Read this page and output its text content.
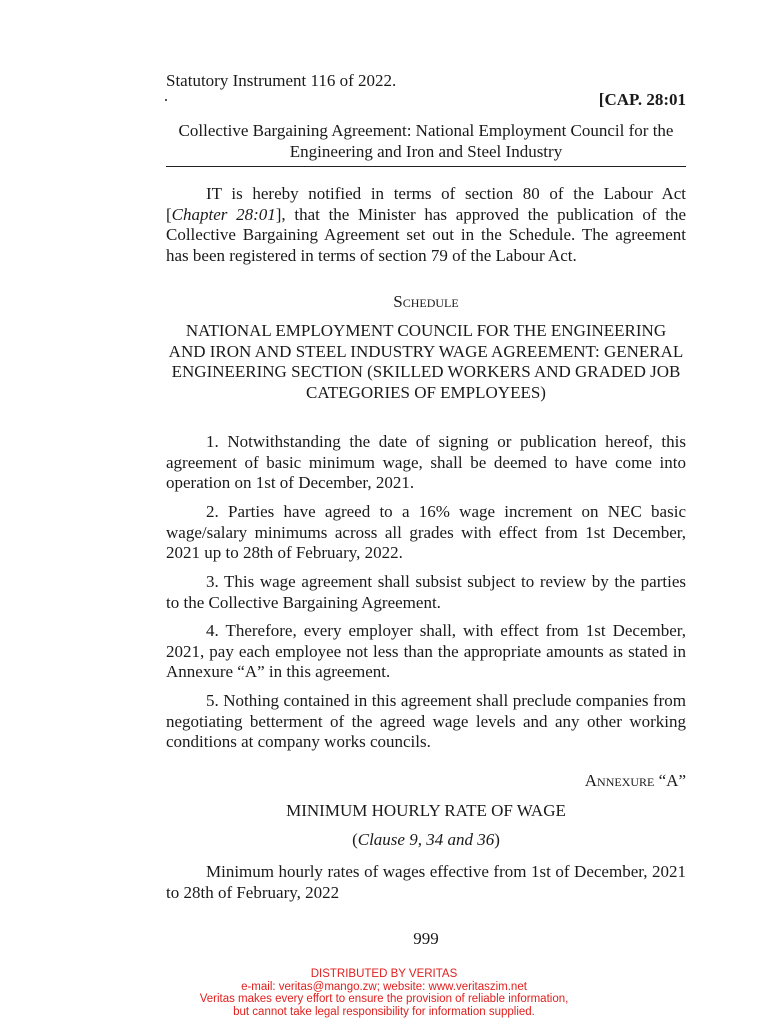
Statutory Instrument 116 of 2022.
[CAP. 28:01
Collective Bargaining Agreement: National Employment Council for the Engineering and Iron and Steel Industry

IT is hereby notified in terms of section 80 of the Labour Act [Chapter 28:01], that the Minister has approved the publication of the Collective Bargaining Agreement set out in the Schedule. The agreement has been registered in terms of section 79 of the Labour Act.

Schedule
NATIONAL EMPLOYMENT COUNCIL FOR THE ENGINEERING AND IRON AND STEEL INDUSTRY WAGE AGREEMENT: GENERAL ENGINEERING SECTION (SKILLED WORKERS AND GRADED JOB CATEGORIES OF EMPLOYEES)

1. Notwithstanding the date of signing or publication hereof, this agreement of basic minimum wage, shall be deemed to have come into operation on 1st of December, 2021.

2. Parties have agreed to a 16% wage increment on NEC basic wage/salary minimums across all grades with effect from 1st December, 2021 up to 28th of February, 2022.

3. This wage agreement shall subsist subject to review by the parties to the Collective Bargaining Agreement.

4. Therefore, every employer shall, with effect from 1st December, 2021, pay each employee not less than the appropriate amounts as stated in Annexure “A” in this agreement.

5. Nothing contained in this agreement shall preclude companies from negotiating betterment of the agreed wage levels and any other working conditions at company works councils.

Annexure “A”
MINIMUM HOURLY RATE OF WAGE
(Clause 9, 34 and 36)

Minimum hourly rates of wages effective from 1st of December, 2021 to 28th of February, 2022

999
DISTRIBUTED BY VERITAS
e-mail: veritas@mango.zw; website: www.veritaszim.net
Veritas makes every effort to ensure the provision of reliable information,
but cannot take legal responsibility for information supplied.
